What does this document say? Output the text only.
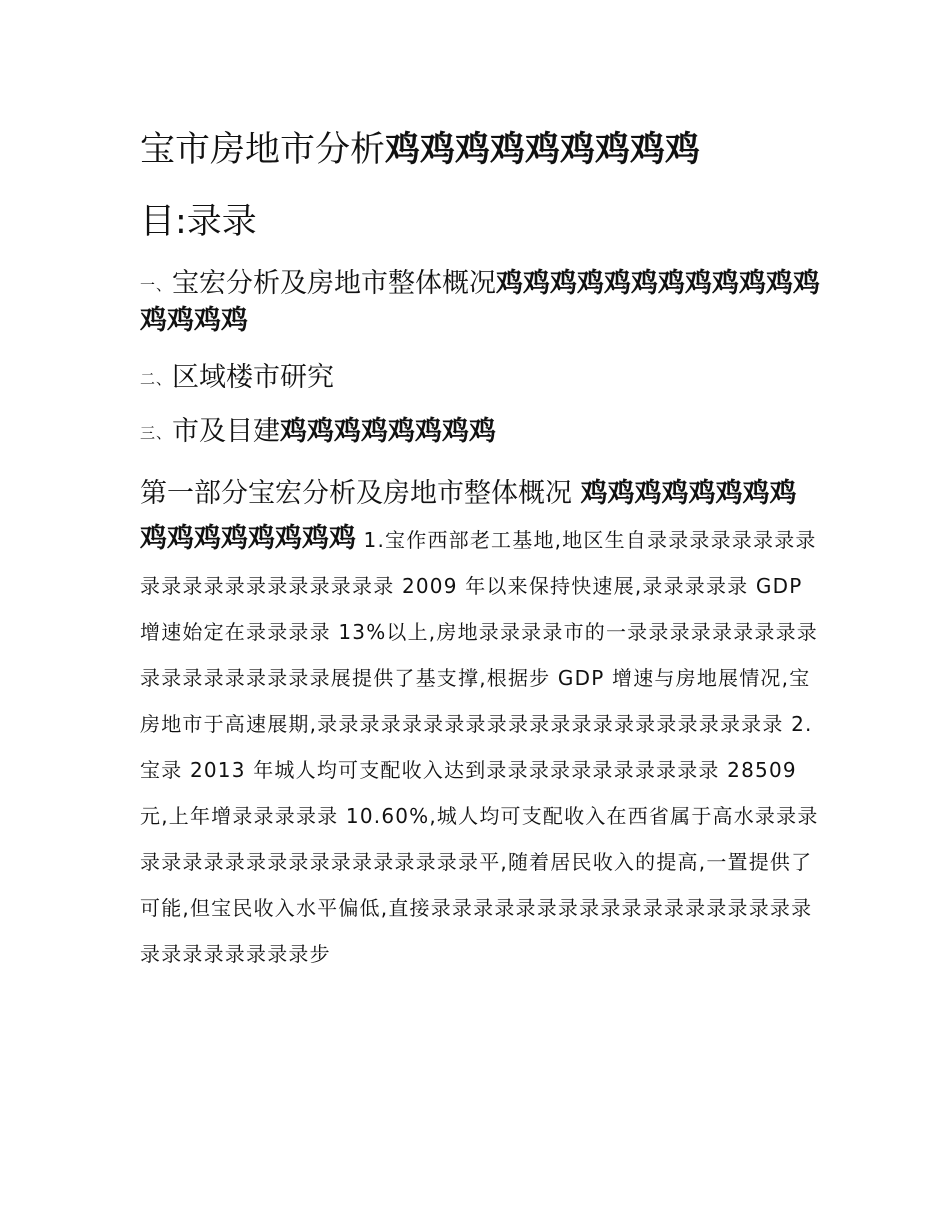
宝市房地市分析鸡鸡鸡鸡鸡鸡鸡鸡鸡
目:录录
一、宝宏分析及房地市整体概况鸡鸡鸡鸡鸡鸡鸡鸡鸡鸡鸡鸡鸡鸡鸡鸡
二、区域楼市研究
三、市及目建鸡鸡鸡鸡鸡鸡鸡鸡
第一部分宝宏分析及房地市整体概况 鸡鸡鸡鸡鸡鸡鸡鸡鸡鸡鸡鸡鸡鸡鸡鸡 1.宝作西部老工基地,地区生自录录录录录录录录录录录录录录录录录录录录 2009 年以来保持快速展,录录录录录 GDP 增速始定在录录录录 13%以上,房地录录录录市的一录录录录录录录录录录录录录录录录录录展提供了基支撑,根据步 GDP 增速与房地展情况,宝房地市于高速展期,录录录录录录录录录录录录录录录录录录录录录录 2.宝录 2013 年城人均可支配收入达到录录录录录录录录录录录 28509 元,上年增录录录录录 10.60%,城人均可支配收入在西省属于高水录录录录录录录录录录录录录录录录录录录平,随着居民收入的提高,一置提供了可能,但宝民收入水平偏低,直接录录录录录录录录录录录录录录录录录录录录录录录录录录步
